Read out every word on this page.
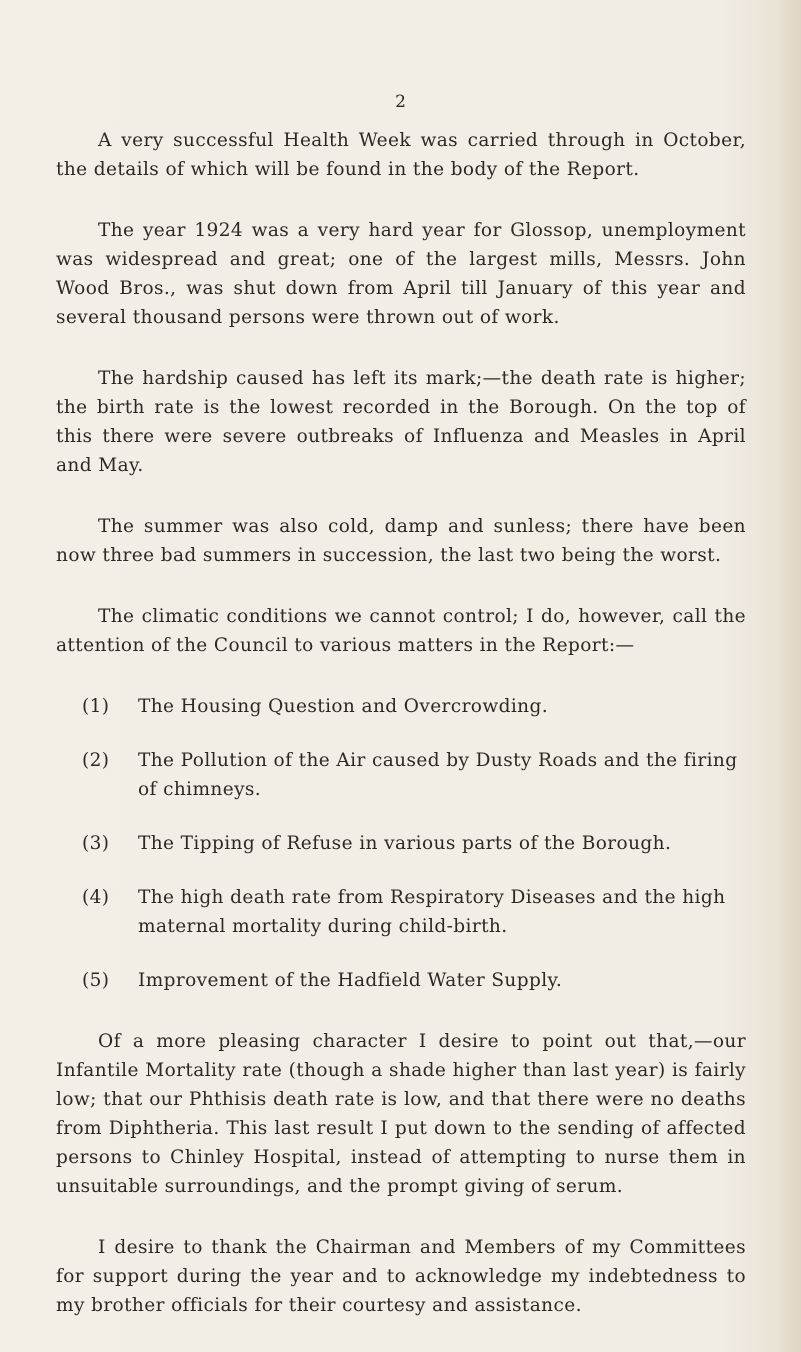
2

A very successful Health Week was carried through in October, the details of which will be found in the body of the Report.

The year 1924 was a very hard year for Glossop, unemployment was widespread and great; one of the largest mills, Messrs. John Wood Bros., was shut down from April till January of this year and several thousand persons were thrown out of work.

The hardship caused has left its mark;—the death rate is higher; the birth rate is the lowest recorded in the Borough. On the top of this there were severe outbreaks of Influenza and Measles in April and May.

The summer was also cold, damp and sunless; there have been now three bad summers in succession, the last two being the worst.

The climatic conditions we cannot control; I do, however, call the attention of the Council to various matters in the Report:—

(1)	The Housing Question and Overcrowding.
(2)	The Pollution of the Air caused by Dusty Roads and the firing of chimneys.
(3)	The Tipping of Refuse in various parts of the Borough.
(4)	The high death rate from Respiratory Diseases and the high maternal mortality during child-birth.
(5)	Improvement of the Hadfield Water Supply.

Of a more pleasing character I desire to point out that,—our Infantile Mortality rate (though a shade higher than last year) is fairly low; that our Phthisis death rate is low, and that there were no deaths from Diphtheria. This last result I put down to the sending of affected persons to Chinley Hospital, instead of attempting to nurse them in unsuitable surroundings, and the prompt giving of serum.

I desire to thank the Chairman and Members of my Committees for support during the year and to acknowledge my indebtedness to my brother officials for their courtesy and assistance.
